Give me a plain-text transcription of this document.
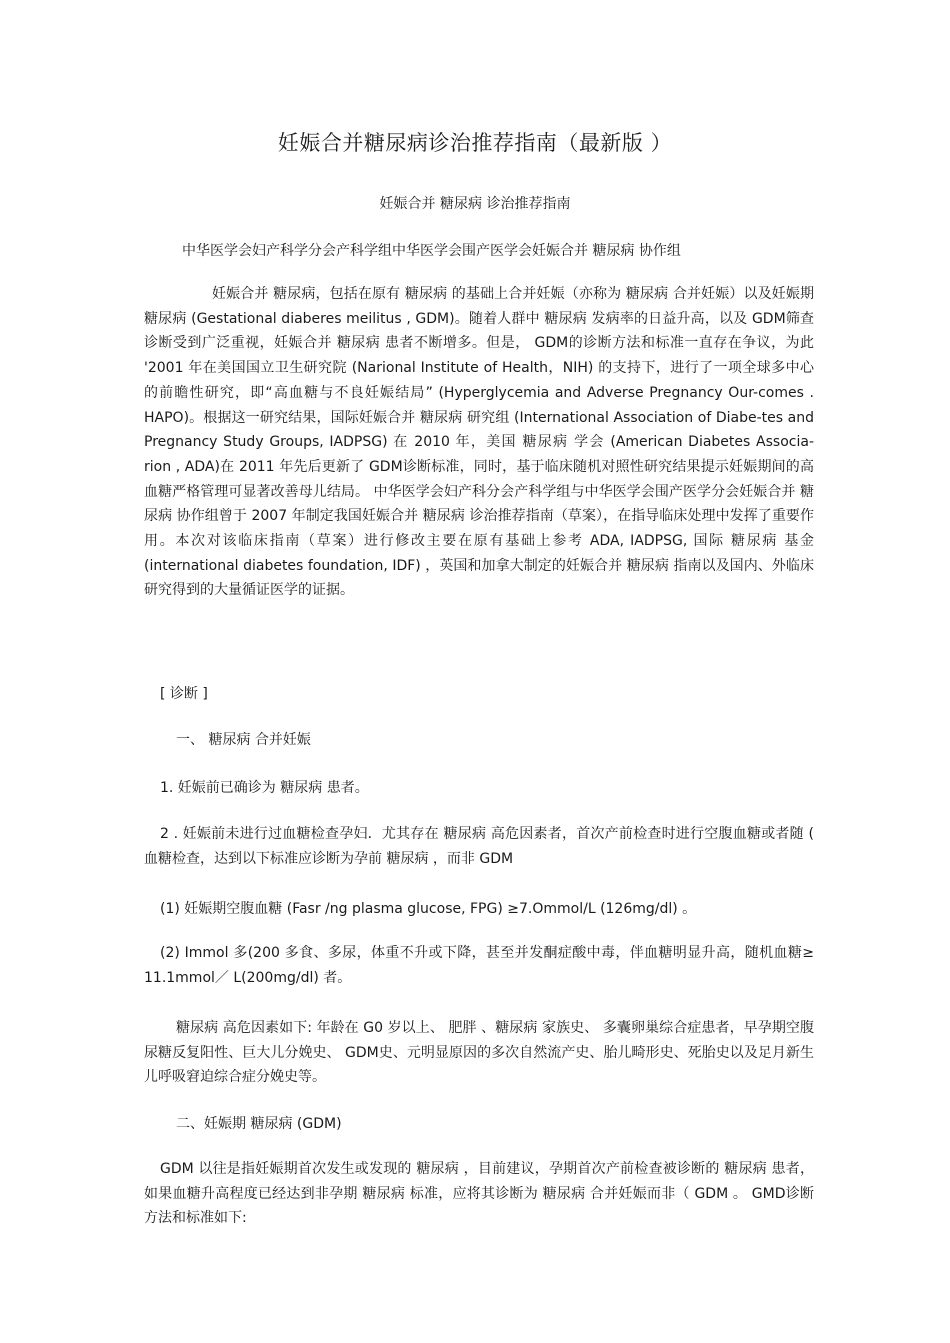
妊娠合并糖尿病诊治推荐指南（最新版 ）
妊娠合并 糖尿病 诊治推荐指南
中华医学会妇产科学分会产科学组中华医学会围产医学会妊娠合并 糖尿病 协作组
妊娠合并 糖尿病，包括在原有 糖尿病 的基础上合并妊娠（亦称为 糖尿病 合并妊娠）以及妊娠期 糖尿病 (Gestational diaberes meilitus , GDM)。随着人群中 糖尿病 发病率的日益升高，以及 GDM筛查诊断受到广泛重视，妊娠合并 糖尿病 患者不断增多。但是， GDM的诊断方法和标准一直存在争议，为此 '2001 年在美国国立卫生研究院 (Narional Institute of Health，NIH) 的支持下，进行了一项全球多中心的前瞻性研究，即“高血糖与不良妊娠结局” (Hyperglycemia and Adverse Pregnancy Our-comes . HAPO)。根据这一研究结果，国际妊娠合并 糖尿病 研究组 (International Association of Diabe-tes and Pregnancy Study Groups, IADPSG) 在 2010 年，美国 糖尿病 学会 (American Diabetes Associa- rion , ADA)在 2011 年先后更新了 GDM诊断标准，同时，基于临床随机对照性研究结果提示妊娠期间的高血糖严格管理可显著改善母儿结局。 中华医学会妇产科分会产科学组与中华医学会围产医学分会妊娠合并 糖尿病 协作组曾于 2007 年制定我国妊娠合并 糖尿病 诊治推荐指南（草案），在指导临床处理中发挥了重要作用。本次对该临床指南（草案）进行修改主要在原有基础上参考 ADA, IADPSG, 国际 糖尿病 基金 (international diabetes foundation, IDF) ，英国和加拿大制定的妊娠合并 糖尿病 指南以及国内、外临床研究得到的大量循证医学的证据。
[ 诊断 ]
一、 糖尿病 合并妊娠
1. 妊娠前已确诊为 糖尿病 患者。
2 . 妊娠前未进行过血糖检查孕妇．尤其存在 糖尿病 高危因素者，首次产前检查时进行空腹血糖或者随 ( 血糖检查，达到以下标准应诊断为孕前 糖尿病 ，而非 GDM
(1) 妊娠期空腹血糖 (Fasr /ng plasma glucose, FPG) ≥7.Ommol/L (126mg/dl) 。
(2) Immol 多(200 多食、多尿，体重不升或下降，甚至并发酮症酸中毒，伴血糖明显升高，随机血糖≥ 11.1mmol／ L(200mg/dl) 者。
糖尿病 高危因素如下: 年龄在 G0 岁以上、 肥胖 、糖尿病 家族史、 多囊卵巢综合症患者，早孕期空腹尿糖反复阳性、巨大儿分娩史、 GDM史、元明显原因的多次自然流产史、胎儿畸形史、死胎史以及足月新生儿呼吸窘迫综合症分娩史等。
二、妊娠期 糖尿病 (GDM)
GDM 以往是指妊娠期首次发生或发现的 糖尿病 ，目前建议，孕期首次产前检查被诊断的 糖尿病 患者，如果血糖升高程度已经达到非孕期 糖尿病 标准，应将其诊断为 糖尿病 合并妊娠而非（ GDM 。 GMD诊断方法和标准如下:
